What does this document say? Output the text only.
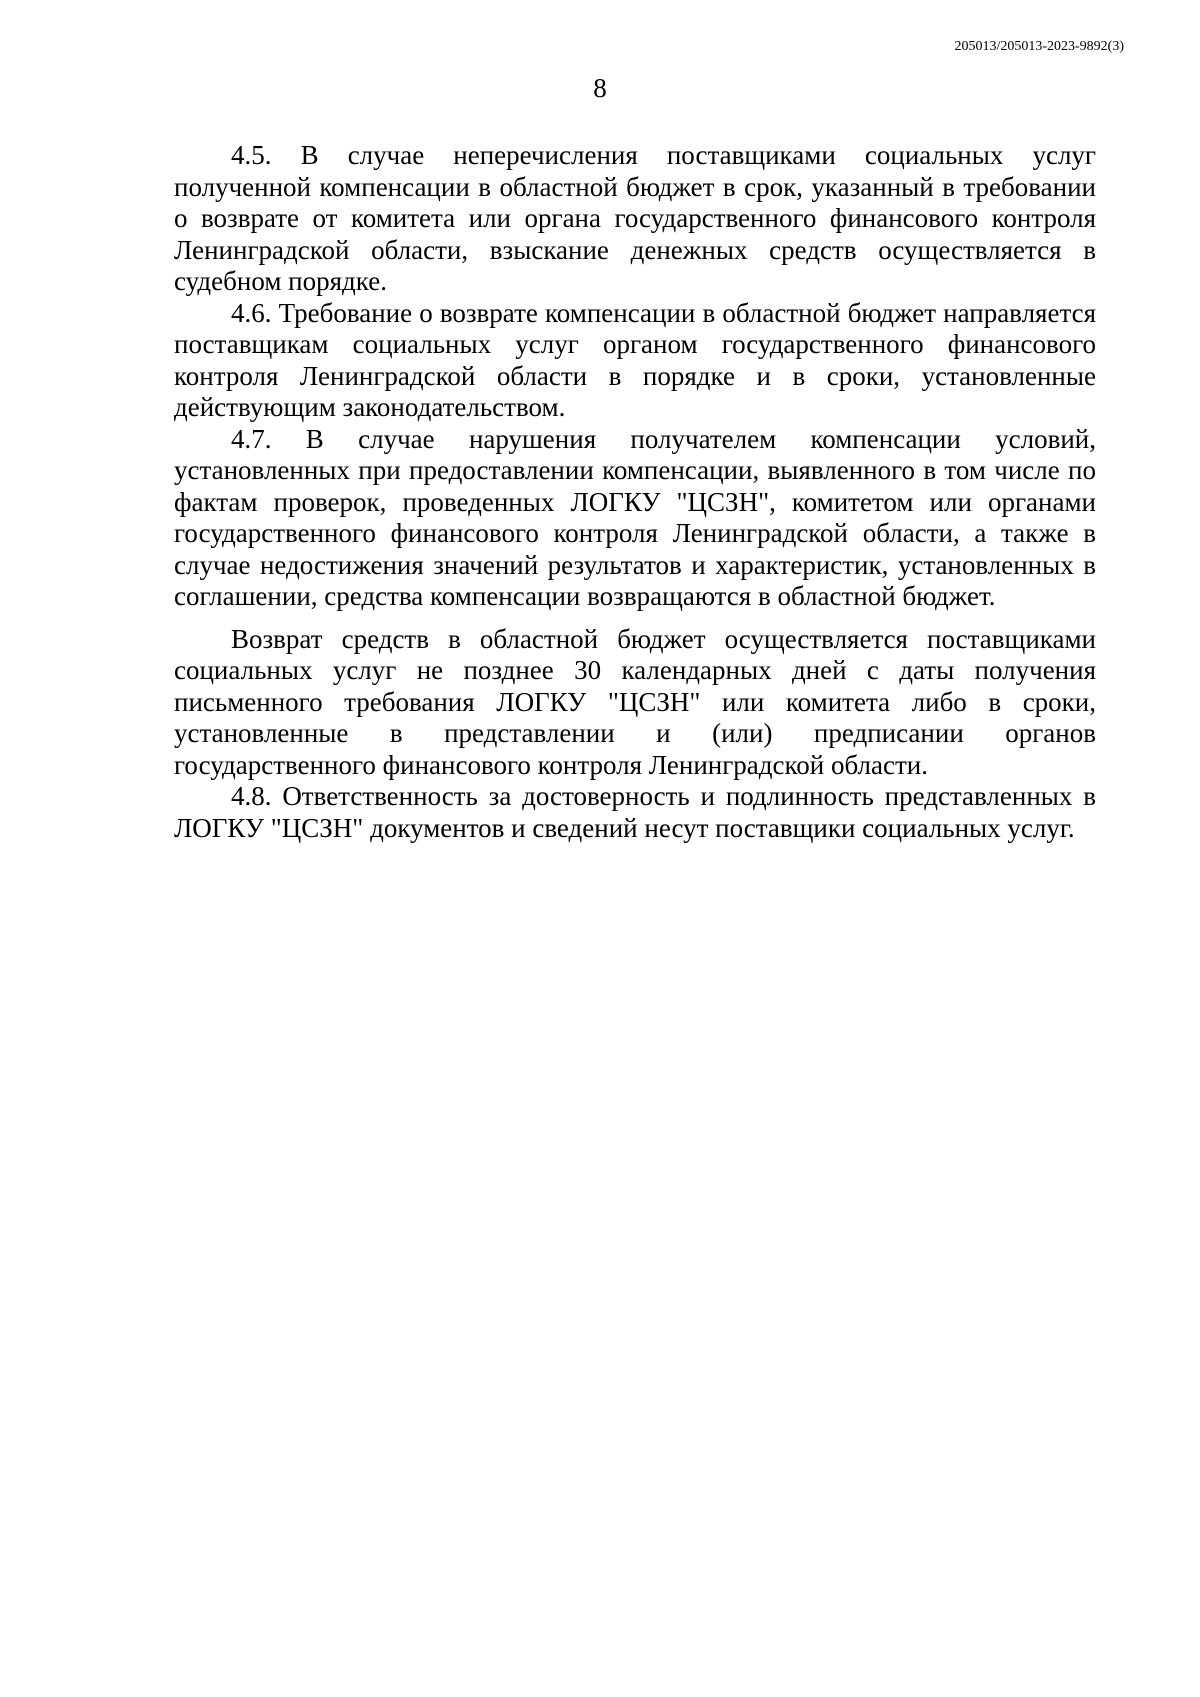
205013/205013-2023-9892(3)
8

4.5. В случае неперечисления поставщиками социальных услуг полученной компенсации в областной бюджет в срок, указанный в требовании о возврате от комитета или органа государственного финансового контроля Ленинградской области, взыскание денежных средств осуществляется в судебном порядке.

4.6. Требование о возврате компенсации в областной бюджет направляется поставщикам социальных услуг органом государственного финансового контроля Ленинградской области в порядке и в сроки, установленные действующим законодательством.

4.7. В случае нарушения получателем компенсации условий, установленных при предоставлении компенсации, выявленного в том числе по фактам проверок, проведенных ЛОГКУ "ЦСЗН", комитетом или органами государственного финансового контроля Ленинградской области, а также в случае недостижения значений результатов и характеристик, установленных в соглашении, средства компенсации возвращаются в областной бюджет.

Возврат средств в областной бюджет осуществляется поставщиками социальных услуг не позднее 30 календарных дней с даты получения письменного требования ЛОГКУ "ЦСЗН" или комитета либо в сроки, установленные в представлении и (или) предписании органов государственного финансового контроля Ленинградской области.

4.8. Ответственность за достоверность и подлинность представленных в ЛОГКУ "ЦСЗН" документов и сведений несут поставщики социальных услуг.
